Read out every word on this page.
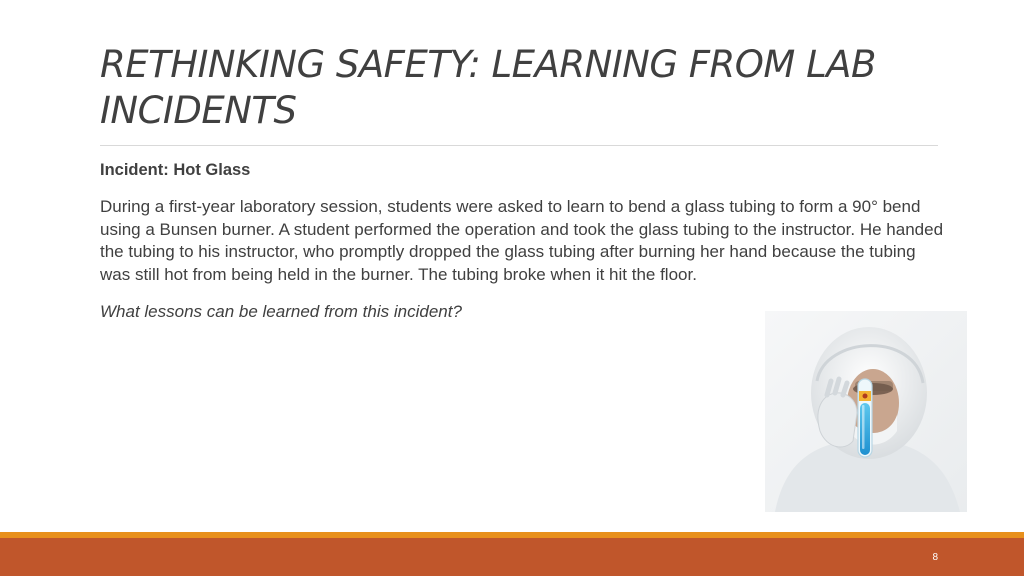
RETHINKING SAFETY: LEARNING FROM LAB
INCIDENTS

Incident: Hot Glass

During a first-year laboratory session, students were asked to learn to bend a glass tubing to form a 90° bend using a Bunsen burner. A student performed the operation and took the glass tubing to the instructor. He handed the tubing to his instructor, who promptly dropped the glass tubing after burning her hand because the tubing was still hot from being held in the burner. The tubing broke when it hit the floor.

What lessons can be learned from this incident?

8
